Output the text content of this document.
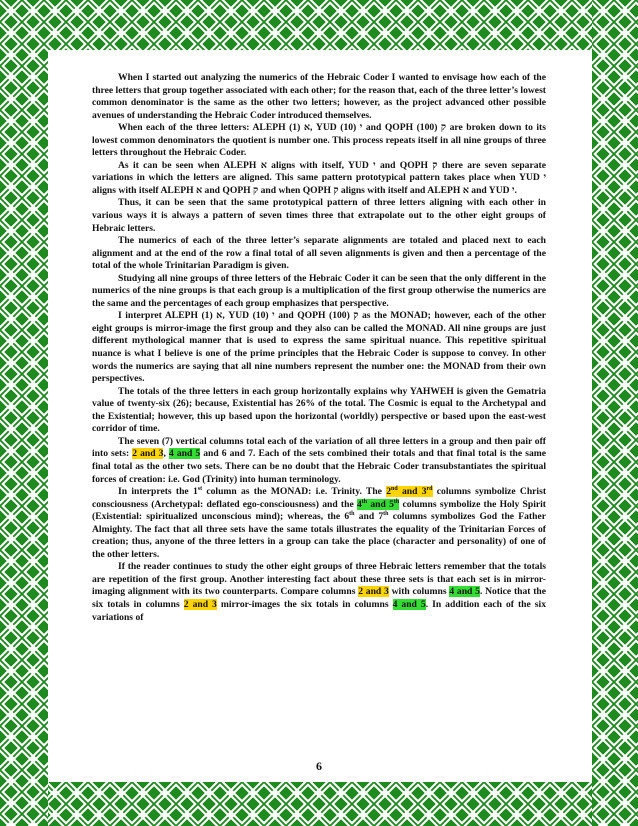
When I started out analyzing the numerics of the Hebraic Coder I wanted to envisage how each of the three letters that group together associated with each other; for the reason that, each of the three letter’s lowest common denominator is the same as the other two letters; however, as the project advanced other possible avenues of understanding the Hebraic Coder introduced themselves.

When each of the three letters: ALEPH (1) א, YUD י (10) and QOPH ק (100) are broken down to its lowest common denominators the quotient is number one. This process repeats itself in all nine groups of three letters throughout the Hebraic Coder.

As it can be seen when ALEPH א aligns with itself, YUD י and QOPH ק there are seven separate variations in which the letters are aligned. This same pattern prototypical pattern takes place when YUD י aligns with itself ALEPH א and QOPH ק and when QOPH ק aligns with itself and ALEPH א and YUD י.

Thus, it can be seen that the same prototypical pattern of three letters aligning with each other in various ways it is always a pattern of seven times three that extrapolate out to the other eight groups of Hebraic letters.

The numerics of each of the three letter’s separate alignments are totaled and placed next to each alignment and at the end of the row a final total of all seven alignments is given and then a percentage of the total of the whole Trinitarian Paradigm is given.

Studying all nine groups of three letters of the Hebraic Coder it can be seen that the only different in the numerics of the nine groups is that each group is a multiplication of the first group otherwise the numerics are the same and the percentages of each group emphasizes that perspective.

I interpret ALEPH (1) א, YUD י (10) and QOPH ק (100) as the MONAD; however, each of the other eight groups is mirror-image the first group and they also can be called the MONAD. All nine groups are just different mythological manner that is used to express the same spiritual nuance. This repetitive spiritual nuance is what I believe is one of the prime principles that the Hebraic Coder is suppose to convey. In other words the numerics are saying that all nine numbers represent the number one: the MONAD from their own perspectives.

The totals of the three letters in each group horizontally explains why YAHWEH is given the Gematria value of twenty-six (26); because, Existential has 26% of the total. The Cosmic is equal to the Archetypal and the Existential; however, this up based upon the horizontal (worldly) perspective or based upon the east-west corridor of time.

The seven (7) vertical columns total each of the variation of all three letters in a group and then pair off into sets: 2 and 3, 4 and 5 and 6 and 7. Each of the sets combined their totals and that final total is the same final total as the other two sets. There can be no doubt that the Hebraic Coder transubstantiates the spiritual forces of creation: i.e. God (Trinity) into human terminology.

In interprets the 1st column as the MONAD: i.e. Trinity. The 2nd and 3rd columns symbolize Christ consciousness (Archetypal: deflated ego-consciousness) and the 4th and 5th columns symbolize the Holy Spirit (Existential: spiritualized unconscious mind); whereas, the 6th and 7th columns symbolizes God the Father Almighty. The fact that all three sets have the same totals illustrates the equality of the Trinitarian Forces of creation; thus, anyone of the three letters in a group can take the place (character and personality) of one of the other letters.

If the reader continues to study the other eight groups of three Hebraic letters remember that the totals are repetition of the first group. Another interesting fact about these three sets is that each set is in mirror-imaging alignment with its two counterparts. Compare columns 2 and 3 with columns 4 and 5. Notice that the six totals in columns 2 and 3 mirror-images the six totals in columns 4 and 5. In addition each of the six variations of

6
